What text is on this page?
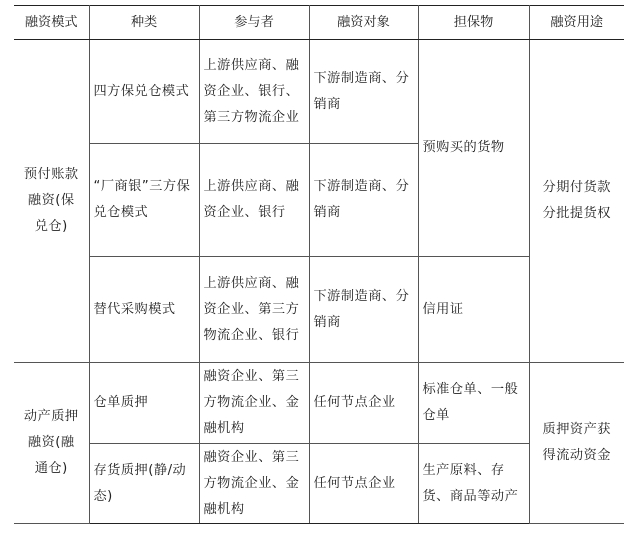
融资模式	种类	参与者	融资对象	担保物	融资用途
预付账款融资(保兑仓)	四方保兑仓模式	上游供应商、融资企业、银行、第三方物流企业	下游制造商、分销商	预购买的货物	分期付货款分批提货权
	“厂商银”三方保兑仓模式	上游供应商、融资企业、银行	下游制造商、分销商		
	替代采购模式	上游供应商、融资企业、第三方物流企业、银行	下游制造商、分销商	信用证	
动产质押融资(融通仓)	仓单质押	融资企业、第三方物流企业、金融机构	任何节点企业	标准仓单、一般仓单	质押资产获得流动资金
	存货质押(静/动态)	融资企业、第三方物流企业、金融机构	任何节点企业	生产原料、存货、商品等动产	
